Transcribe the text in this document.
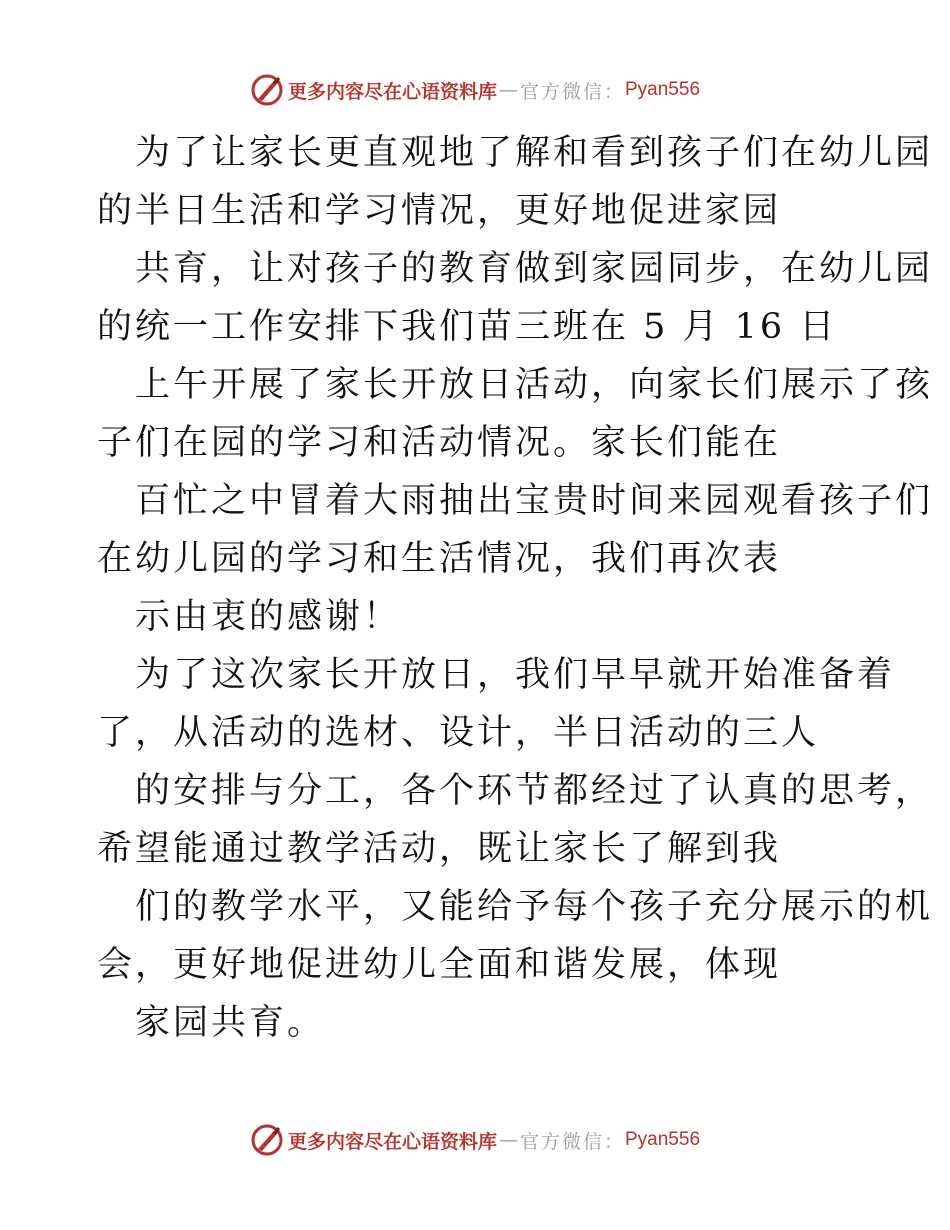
更多内容尽在心语资料库 — 官方微信： Pyan556
为了让家长更直观地了解和看到孩子们在幼儿园
的半日生活和学习情况，更好地促进家园
共育，让对孩子的教育做到家园同步，在幼儿园
的统一工作安排下我们苗三班在 5 月 16 日
上午开展了家长开放日活动，向家长们展示了孩
子们在园的学习和活动情况。家长们能在
百忙之中冒着大雨抽出宝贵时间来园观看孩子们
在幼儿园的学习和生活情况，我们再次表
示由衷的感谢！
为了这次家长开放日，我们早早就开始准备着
了，从活动的选材、设计，半日活动的三人
的安排与分工，各个环节都经过了认真的思考，
希望能通过教学活动，既让家长了解到我
们的教学水平，又能给予每个孩子充分展示的机
会，更好地促进幼儿全面和谐发展，体现
家园共育。
更多内容尽在心语资料库 — 官方微信： Pyan556
